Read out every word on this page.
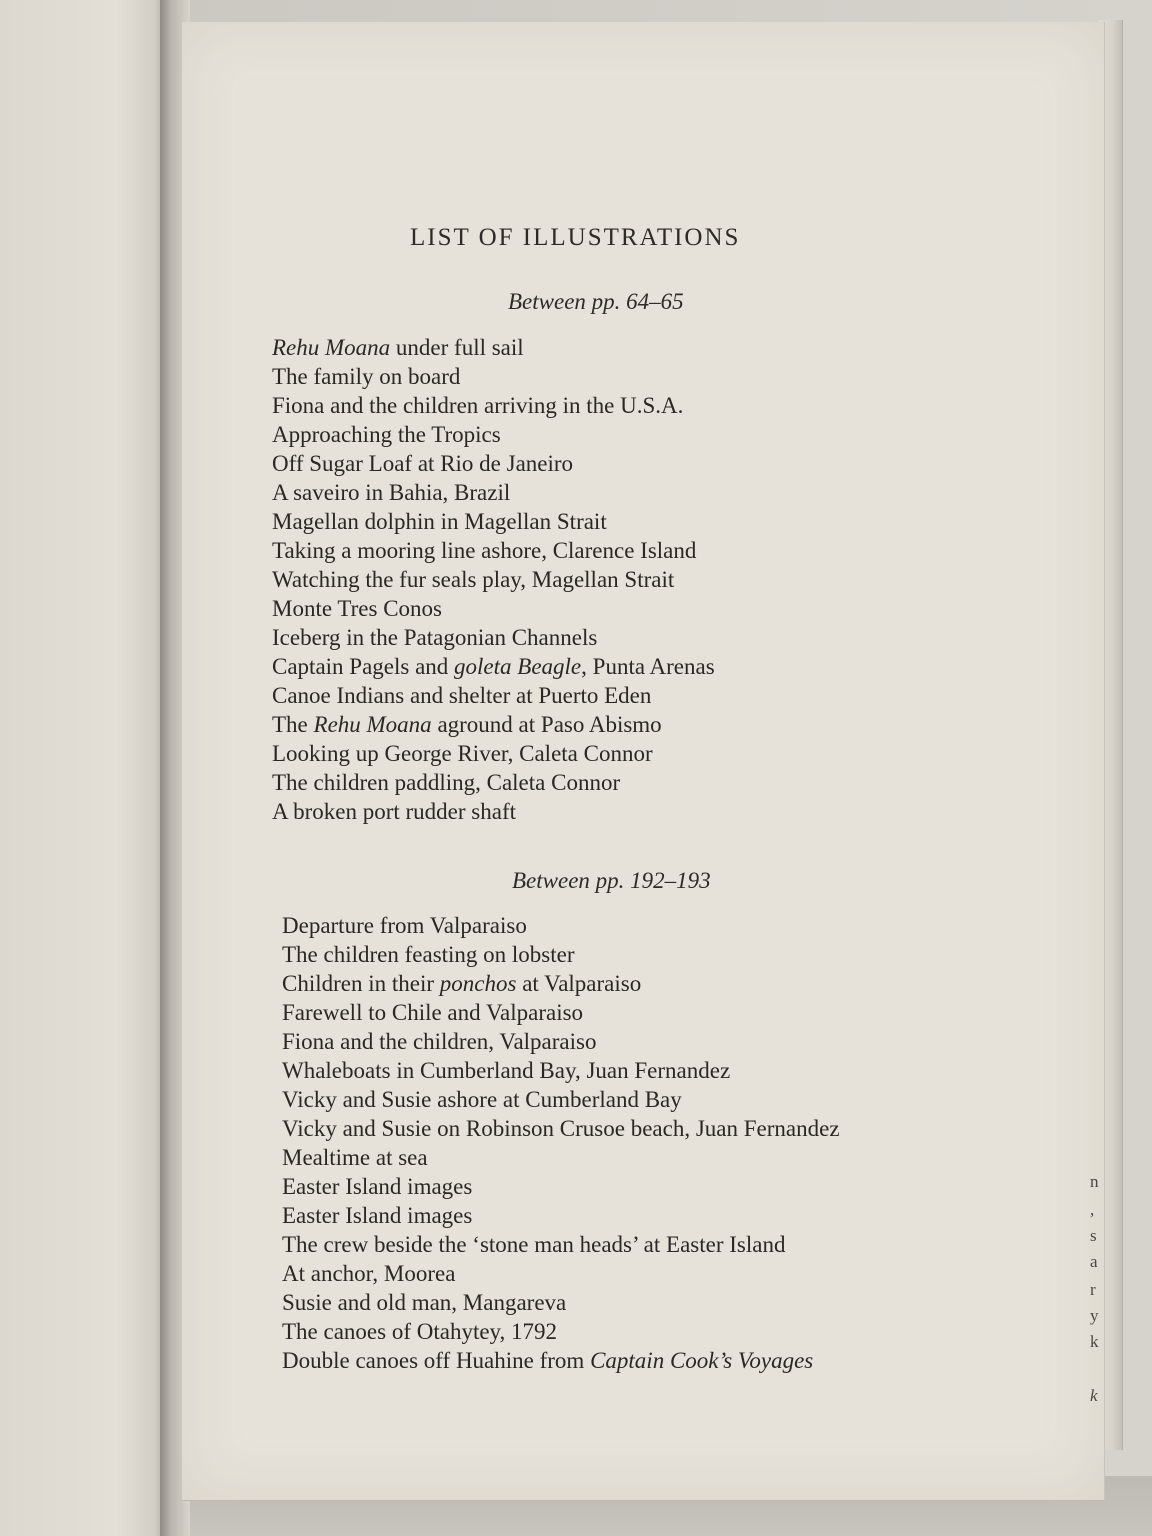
n
,
s
a
r
y
k
k
LIST OF ILLUSTRATIONS
Between pp. 64–65
Rehu Moana under full sail
The family on board
Fiona and the children arriving in the U.S.A.
Approaching the Tropics
Off Sugar Loaf at Rio de Janeiro
A saveiro in Bahia, Brazil
Magellan dolphin in Magellan Strait
Taking a mooring line ashore, Clarence Island
Watching the fur seals play, Magellan Strait
Monte Tres Conos
Iceberg in the Patagonian Channels
Captain Pagels and goleta Beagle, Punta Arenas
Canoe Indians and shelter at Puerto Eden
The Rehu Moana aground at Paso Abismo
Looking up George River, Caleta Connor
The children paddling, Caleta Connor
A broken port rudder shaft
Between pp. 192–193
Departure from Valparaiso
The children feasting on lobster
Children in their ponchos at Valparaiso
Farewell to Chile and Valparaiso
Fiona and the children, Valparaiso
Whaleboats in Cumberland Bay, Juan Fernandez
Vicky and Susie ashore at Cumberland Bay
Vicky and Susie on Robinson Crusoe beach, Juan Fernandez
Mealtime at sea
Easter Island images
Easter Island images
The crew beside the ‘stone man heads’ at Easter Island
At anchor, Moorea
Susie and old man, Mangareva
The canoes of Otahytey, 1792
Double canoes off Huahine from Captain Cook’s Voyages
